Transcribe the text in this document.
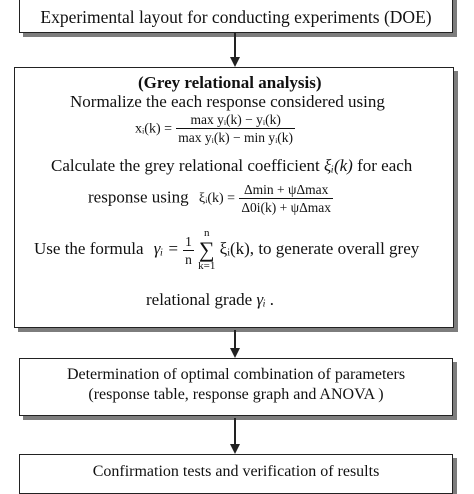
Experimental layout for conducting experiments (DOE)
(Grey relational analysis)
Normalize the each response considered using
xᵢ(k) = $\frac{\text{max yᵢ(k) − yᵢ(k)}}{\text{max yᵢ(k) − min yᵢ(k)}}$
Calculate the grey relational coefficient ξᵢ(k) for each
response using ξᵢ(k) = $\frac{\Delta\min + \psi\Delta\max}{\Delta 0i(k) + \psi\Delta\max}$
Use the formula γᵢ = $\frac{1}{n}$
n
∑
k=1 ξᵢ(k), to generate overall grey
relational grade γᵢ .
Determination of optimal combination of parameters
(response table, response graph and ANOVA )
Confirmation tests and verification of results
